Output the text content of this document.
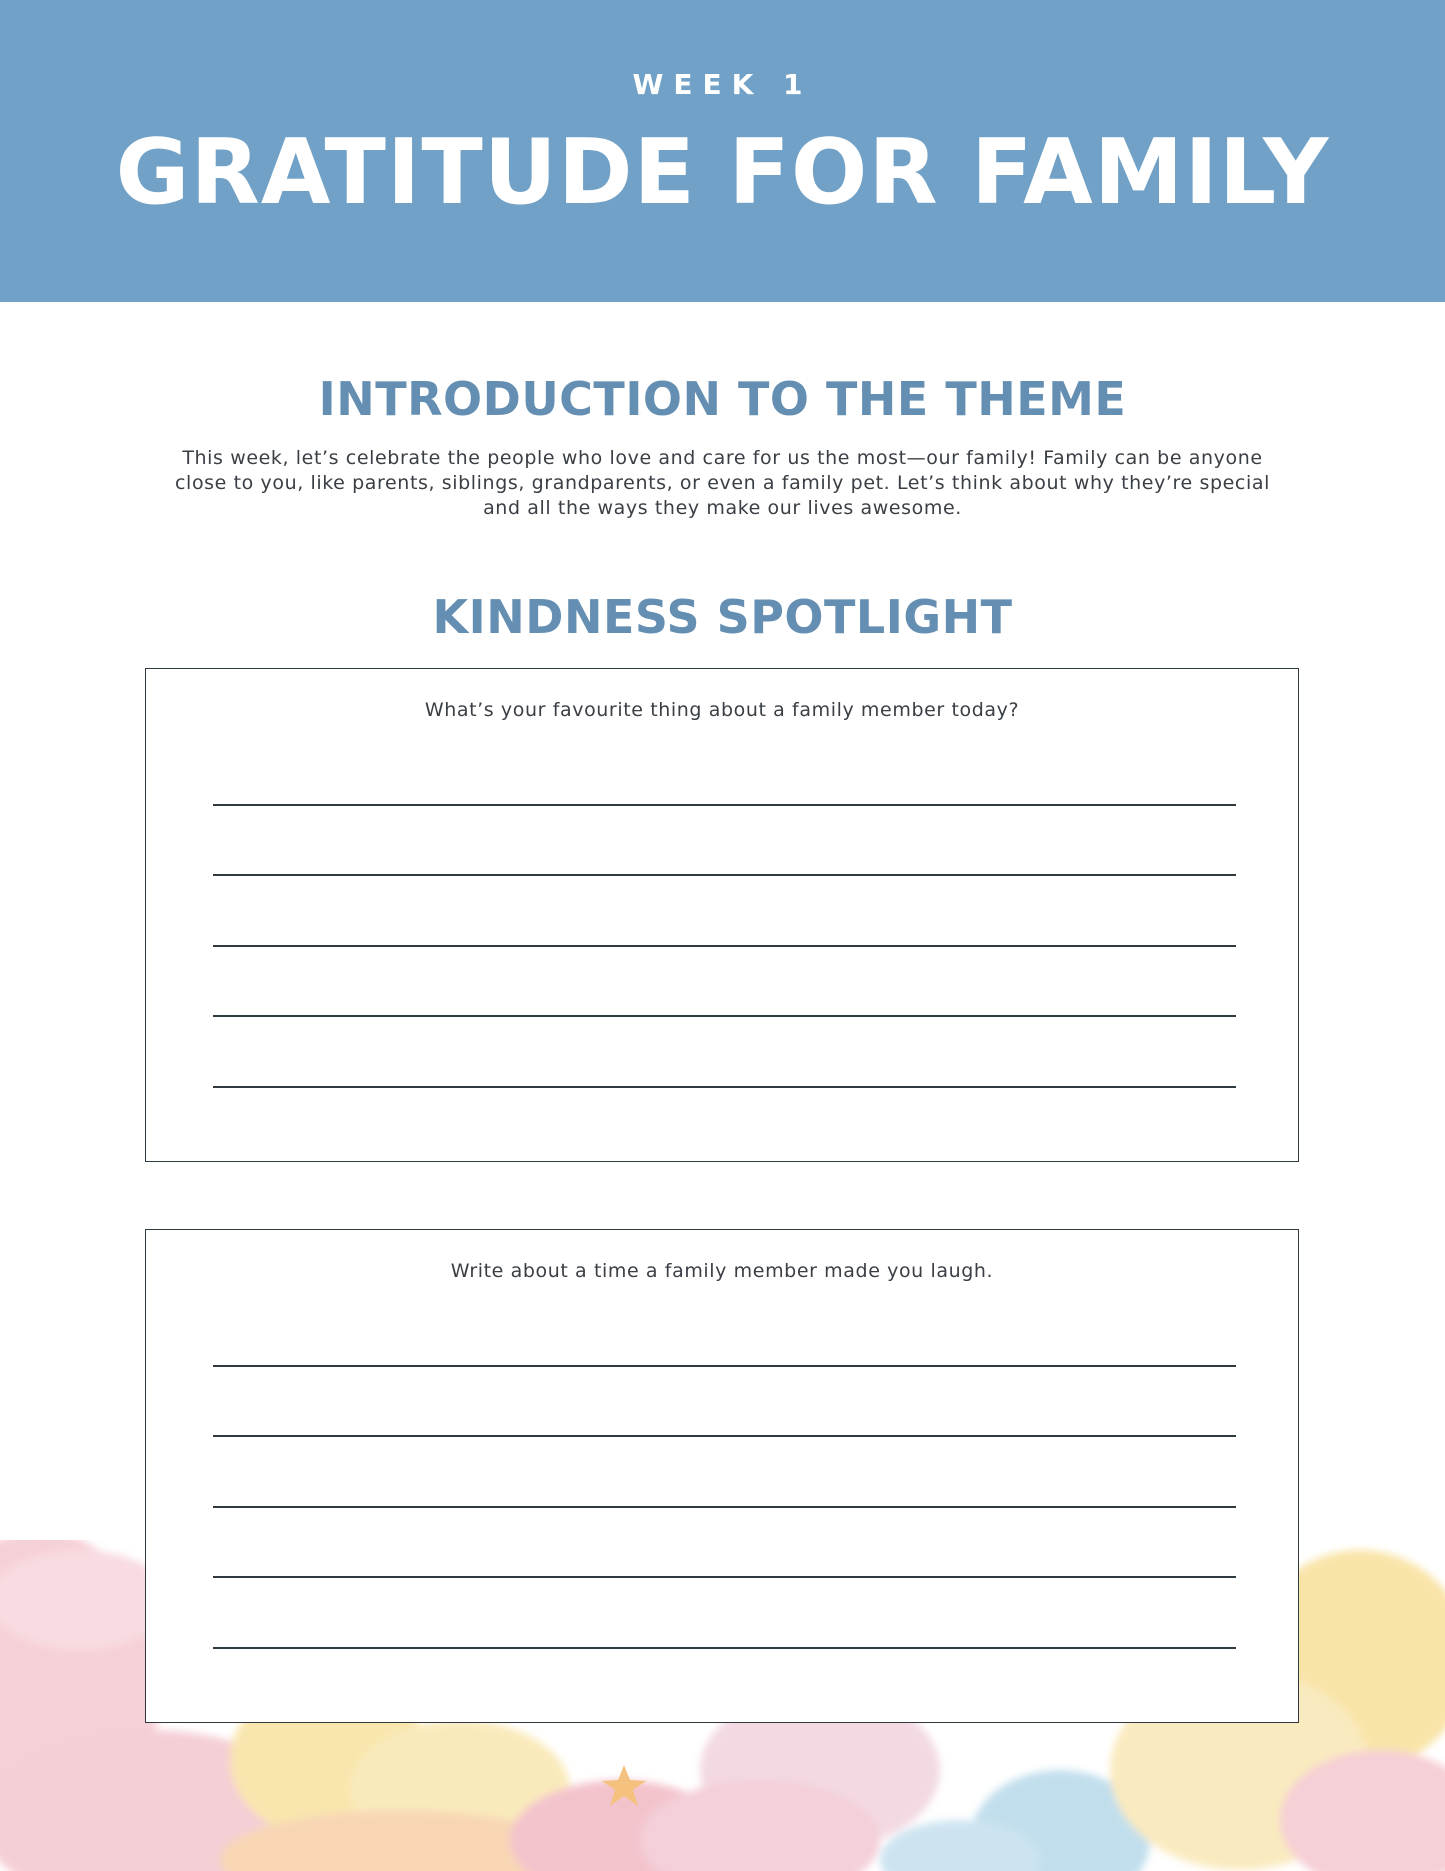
WEEK 1
GRATITUDE FOR FAMILY
INTRODUCTION TO THE THEME
This week, let’s celebrate the people who love and care for us the most—our family! Family can be anyone close to you, like parents, siblings, grandparents, or even a family pet. Let’s think about why they’re special and all the ways they make our lives awesome.
KINDNESS SPOTLIGHT
What’s your favourite thing about a family member today?
Write about a time a family member made you laugh.
